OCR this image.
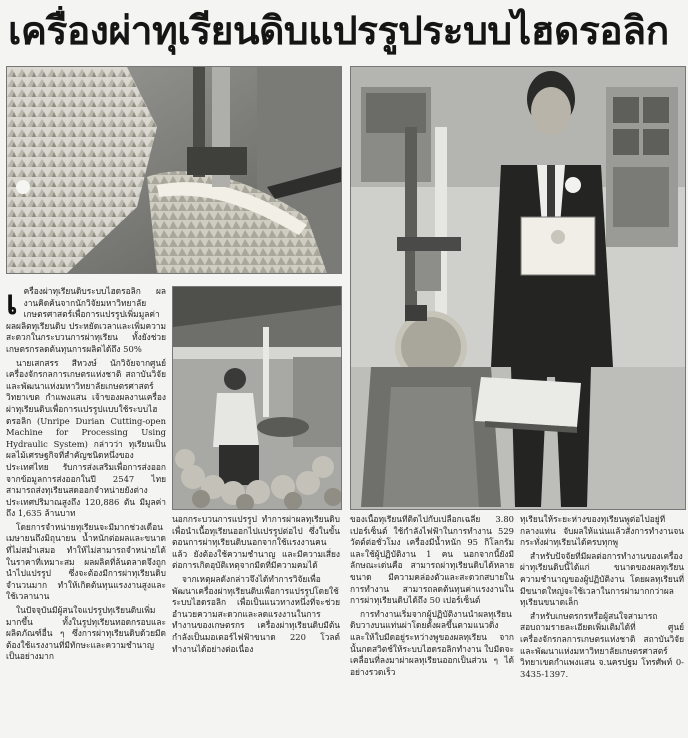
เครื่องผ่าทุเรียนดิบแปรรูประบบไฮดรอลิก
เ ครื่องผ่าทุเรียนดิบระบบไฮดรอลิก ผลงานคิดค้นจากนักวิจัยมหาวิทยาลัยเกษตรศาสตร์เพื่อการแปรรูปเพิ่มมูลค่าผลผลิตทุเรียนดิบ ประหยัดเวลาและเพิ่มความสะดวกในกระบวนการผ่าทุเรียน ทั้งยังช่วยเกษตรกรลดต้นทุนการผลิตได้ถึง 50%

นายเสกสรร สีหวงษ์ นักวิจัยจากศูนย์เครื่องจักรกลการเกษตรแห่งชาติ สถาบันวิจัยและพัฒนาแห่งมหาวิทยาลัยเกษตรศาสตร์ วิทยาเขต กำแพงแสน เจ้าของผลงานเครื่องผ่าทุเรียนดิบเพื่อการแปรรูปแบบใช้ระบบไฮดรอลิก (Unripe Durian Cutting-open Machine for Processing Using Hydraulic System) กล่าวว่า ทุเรียนเป็นผลไม้เศรษฐกิจที่สำคัญชนิดหนึ่งของประเทศไทย รับการส่งเสริมเพื่อการส่งออกจากข้อมูลการส่งออกในปี 2547 ไทยสามารถส่งทุเรียนสดออกจำหน่ายยังต่างประเทศปริมาณสูงถึง 120,886 ตัน มีมูลค่าถึง 1,635 ล้านบาท

โดยการจำหน่ายทุเรียนจะมีมากช่วงเดือนเมษายนถึงมิถุนายน น้ำหนักต่อผลและขนาดที่ไม่สม่ำเสมอ ทำให้ไม่สามารถจำหน่ายได้ในราคาที่เหมาะสม ผลผลิตที่ล้นตลาดจึงถูกนำไปแปรรูป ซึ่งจะต้องมีการผ่าทุเรียนดิบจำนวนมาก ทำให้เกิดต้นทุนแรงงานสูงและใช้เวลานาน

ในปัจจุบันมีผู้สนใจแปรรูปทุเรียนดิบเพิ่มมากขึ้น ทั้งในรูปทุเรียนทอดกรอบและผลิตภัณฑ์อื่น ๆ ซึ่งการผ่าทุเรียนดิบด้วยมีดต้องใช้แรงงานที่มีทักษะและความชำนาญเป็นอย่างมาก

นอกกระบวนการแปรรูป ทำการผ่าผลทุเรียนดิบเพื่อนำเนื้อทุเรียนออกไปแปรรูปต่อไป ซึ่งในขั้นตอนการผ่าทุเรียนดิบนอกจากใช้แรงงานคนแล้ว ยังต้องใช้ความชำนาญ และมีความเสี่ยงต่อการเกิดอุบัติเหตุจากมีดที่มีความคมได้

จากเหตุผลดังกล่าวจึงได้ทำการวิจัยเพื่อพัฒนาเครื่องผ่าทุเรียนดิบเพื่อการแปรรูปโดยใช้ระบบไฮดรอลิก เพื่อเป็นแนวทางหนึ่งที่จะช่วยอำนวยความสะดวกและลดแรงงานในการทำงานของเกษตรกร เครื่องผ่าทุเรียนดิบมีต้นกำลังเป็นมอเตอร์ไฟฟ้าขนาด 220 โวลต์ ทำงานได้อย่างต่อเนื่อง

ของเนื้อทุเรียนที่ติดไปกับเปลือกเฉลี่ย 3.80 เปอร์เซ็นต์ ใช้กำลังไฟฟ้าในการทำงาน 529 วัตต์ต่อชั่วโมง เครื่องมีน้ำหนัก 95 กิโลกรัม และใช้ผู้ปฏิบัติงาน 1 คน นอกจากนี้ยังมีลักษณะเด่นคือ สามารถผ่าทุเรียนดิบได้หลายขนาด มีความคล่องตัวและสะดวกสบายในการทำงาน สามารถลดต้นทุนค่าแรงงานในการผ่าทุเรียนดิบได้ถึง 50 เปอร์เซ็นต์

การทำงานเริ่มจากผู้ปฏิบัติงานนำผลทุเรียนดิบวางบนแท่นผ่าโดยตั้งผลขึ้นตามแนวดิ่ง และให้ใบมีดอยู่ระหว่างพูของผลทุเรียน จากนั้นกดสวิตช์ให้ระบบไฮดรอลิกทำงาน ใบมีดจะเคลื่อนที่ลงมาผ่าผลทุเรียนออกเป็นส่วน ๆ ได้อย่างรวดเร็ว

ทุเรียนให้ระยะห่างของทุเรียนพูต่อไปอยู่ที่กลางแท่น จับผลให้แน่นแล้วสั่งการทำงานจนกระทั่งผ่าทุเรียนได้ครบทุกพู

สำหรับปัจจัยที่มีผลต่อการทำงานของเครื่องผ่าทุเรียนดิบนี้ได้แก่ ขนาดของผลทุเรียน ความชำนาญของผู้ปฏิบัติงาน โดยผลทุเรียนที่มีขนาดใหญ่จะใช้เวลาในการผ่ามากกว่าผลทุเรียนขนาดเล็ก

สำหรับเกษตรกรหรือผู้สนใจสามารถสอบถามรายละเอียดเพิ่มเติมได้ที่ ศูนย์เครื่องจักรกลการเกษตรแห่งชาติ สถาบันวิจัยและพัฒนาแห่งมหาวิทยาลัยเกษตรศาสตร์ วิทยาเขตกำแพงแสน จ.นครปฐม โทรศัพท์ 0-3435-1397.
